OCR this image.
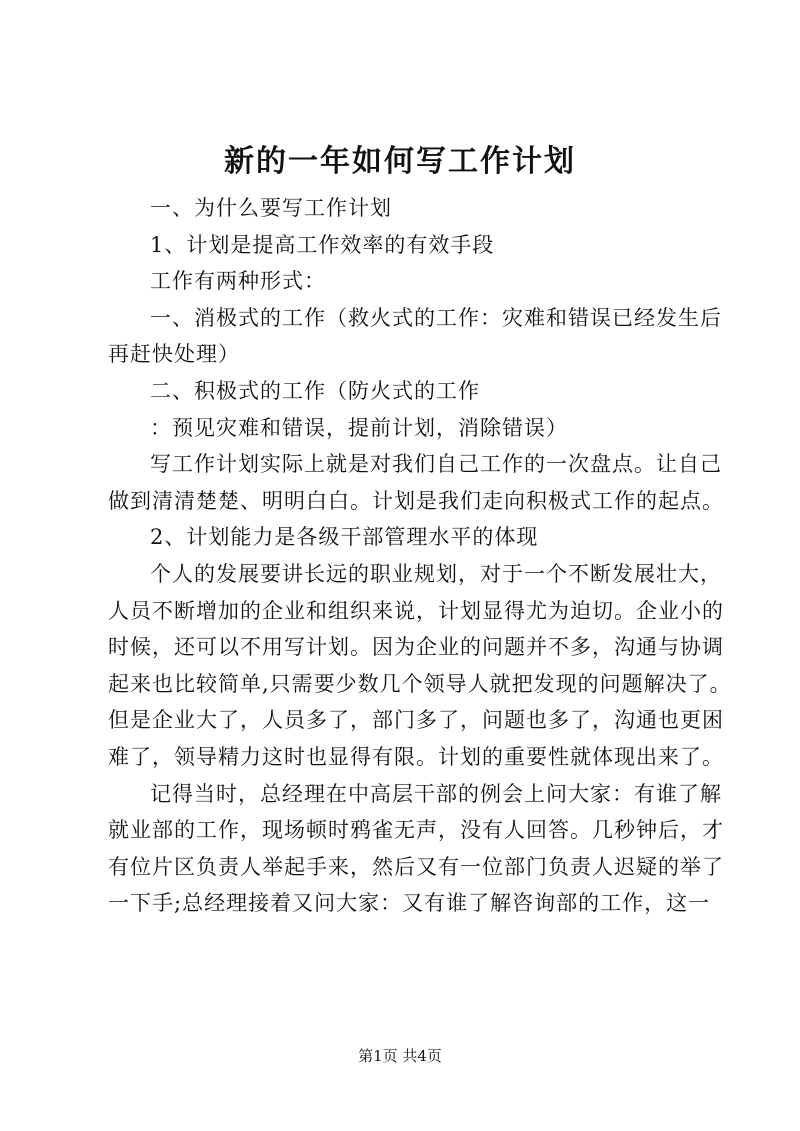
新的一年如何写工作计划
一、为什么要写工作计划
1、计划是提高工作效率的有效手段
工作有两种形式：
一、消极式的工作（救火式的工作：灾难和错误已经发生后
再赶快处理）
二、积极式的工作（防火式的工作
：预见灾难和错误，提前计划，消除错误）
写工作计划实际上就是对我们自己工作的一次盘点。让自己
做到清清楚楚、明明白白。计划是我们走向积极式工作的起点。
2、计划能力是各级干部管理水平的体现
个人的发展要讲长远的职业规划，对于一个不断发展壮大，
人员不断增加的企业和组织来说，计划显得尤为迫切。企业小的
时候，还可以不用写计划。因为企业的问题并不多，沟通与协调
起来也比较简单,只需要少数几个领导人就把发现的问题解决了。
但是企业大了，人员多了，部门多了，问题也多了，沟通也更困
难了，领导精力这时也显得有限。计划的重要性就体现出来了。
记得当时，总经理在中高层干部的例会上问大家：有谁了解
就业部的工作，现场顿时鸦雀无声，没有人回答。几秒钟后，才
有位片区负责人举起手来，然后又有一位部门负责人迟疑的举了
一下手;总经理接着又问大家：又有谁了解咨询部的工作，这一
第1页 共4页
